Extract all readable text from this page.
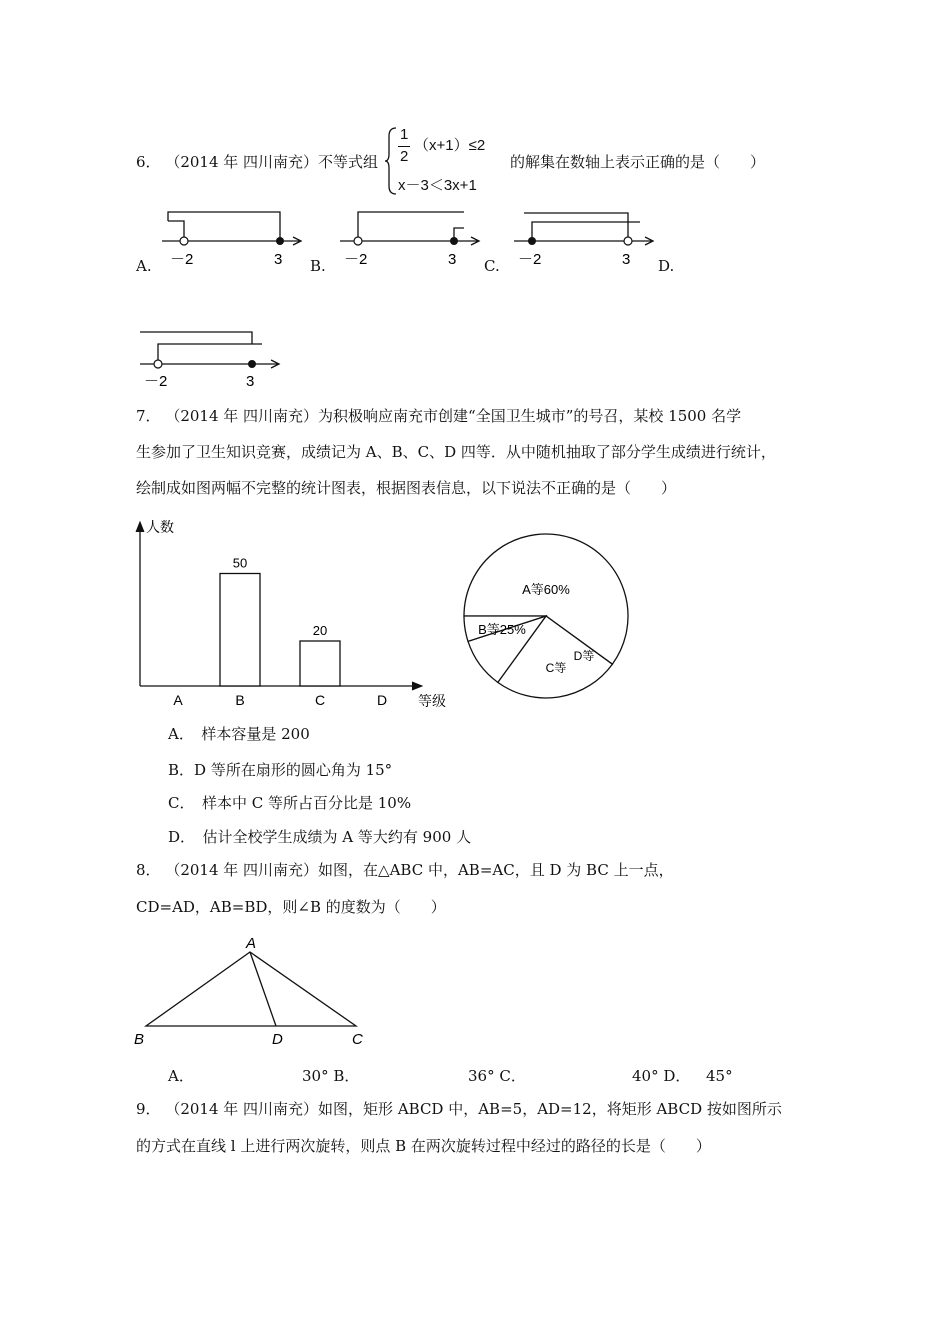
6． （2014 年 四川南充）不等式组
1
2
（x+1）≤2
x－3＜3x+1
的解集在数轴上表示正确的是（　　）
－2	3
A.	－2	3
B.	－2	3
C.	D.
－2	3
7． （2014 年 四川南充）为积极响应南充市创建“全国卫生城市”的号召，某校 1500 名学
生参加了卫生知识竞赛，成绩记为 A、B、C、D 四等．从中随机抽取了部分学生成绩进行统计，
绘制成如图两幅不完整的统计图表，根据图表信息，以下说法不正确的是（　　）
人数
等级
A
50
B
20
C	D
A等60%
B等25%
C等
D等
A．　样本容量是 200
B．D 等所在扇形的圆心角为 15°
C．　样本中 C 等所占百分比是 10%
D．　估计全校学生成绩为 A 等大约有 900 人
8． （2014 年 四川南充）如图，在△ABC 中，AB=AC，且 D 为 BC 上一点，
CD=AD，AB=BD，则∠B 的度数为（　　）
A
B	D	C
A．	30° B．	36° C．	40° D． 45°
9． （2014 年 四川南充）如图，矩形 ABCD 中，AB=5，AD=12，将矩形 ABCD 按如图所示
的方式在直线 l 上进行两次旋转，则点 B 在两次旋转过程中经过的路径的长是（　　）
